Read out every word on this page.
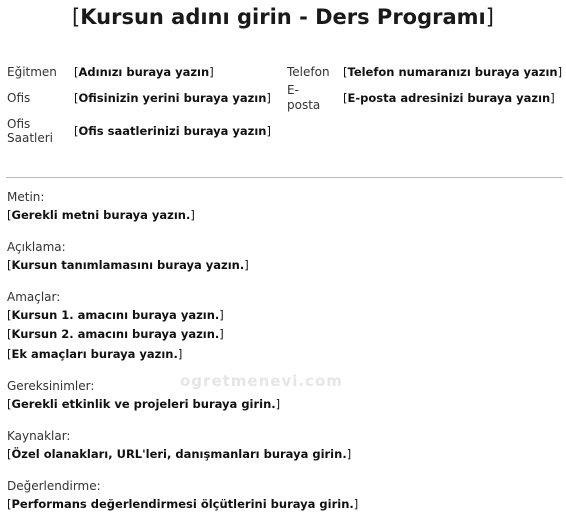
[Kursun adını girin - Ders Programı]
Eğitmen [Adınızı buraya yazın]
Ofis	[Ofisinizin yerini buraya yazın]
Ofis
Saatleri [Ofis saatlerinizi buraya yazın]
Telefon [Telefon numaranızı buraya yazın]
E-
posta [E-posta adresinizi buraya yazın]
Metin:
[Gerekli metni buraya yazın.]
Açıklama:
[Kursun tanımlamasını buraya yazın.]
Amaçlar:
[Kursun 1. amacını buraya yazın.]
[Kursun 2. amacını buraya yazın.]
[Ek amaçları buraya yazın.]
ogretmenevi.com
Gereksinimler:
[Gerekli etkinlik ve projeleri buraya girin.]
Kaynaklar:
[Özel olanakları, URL'leri, danışmanları buraya girin.]
Değerlendirme:
[Performans değerlendirmesi ölçütlerini buraya girin.]
